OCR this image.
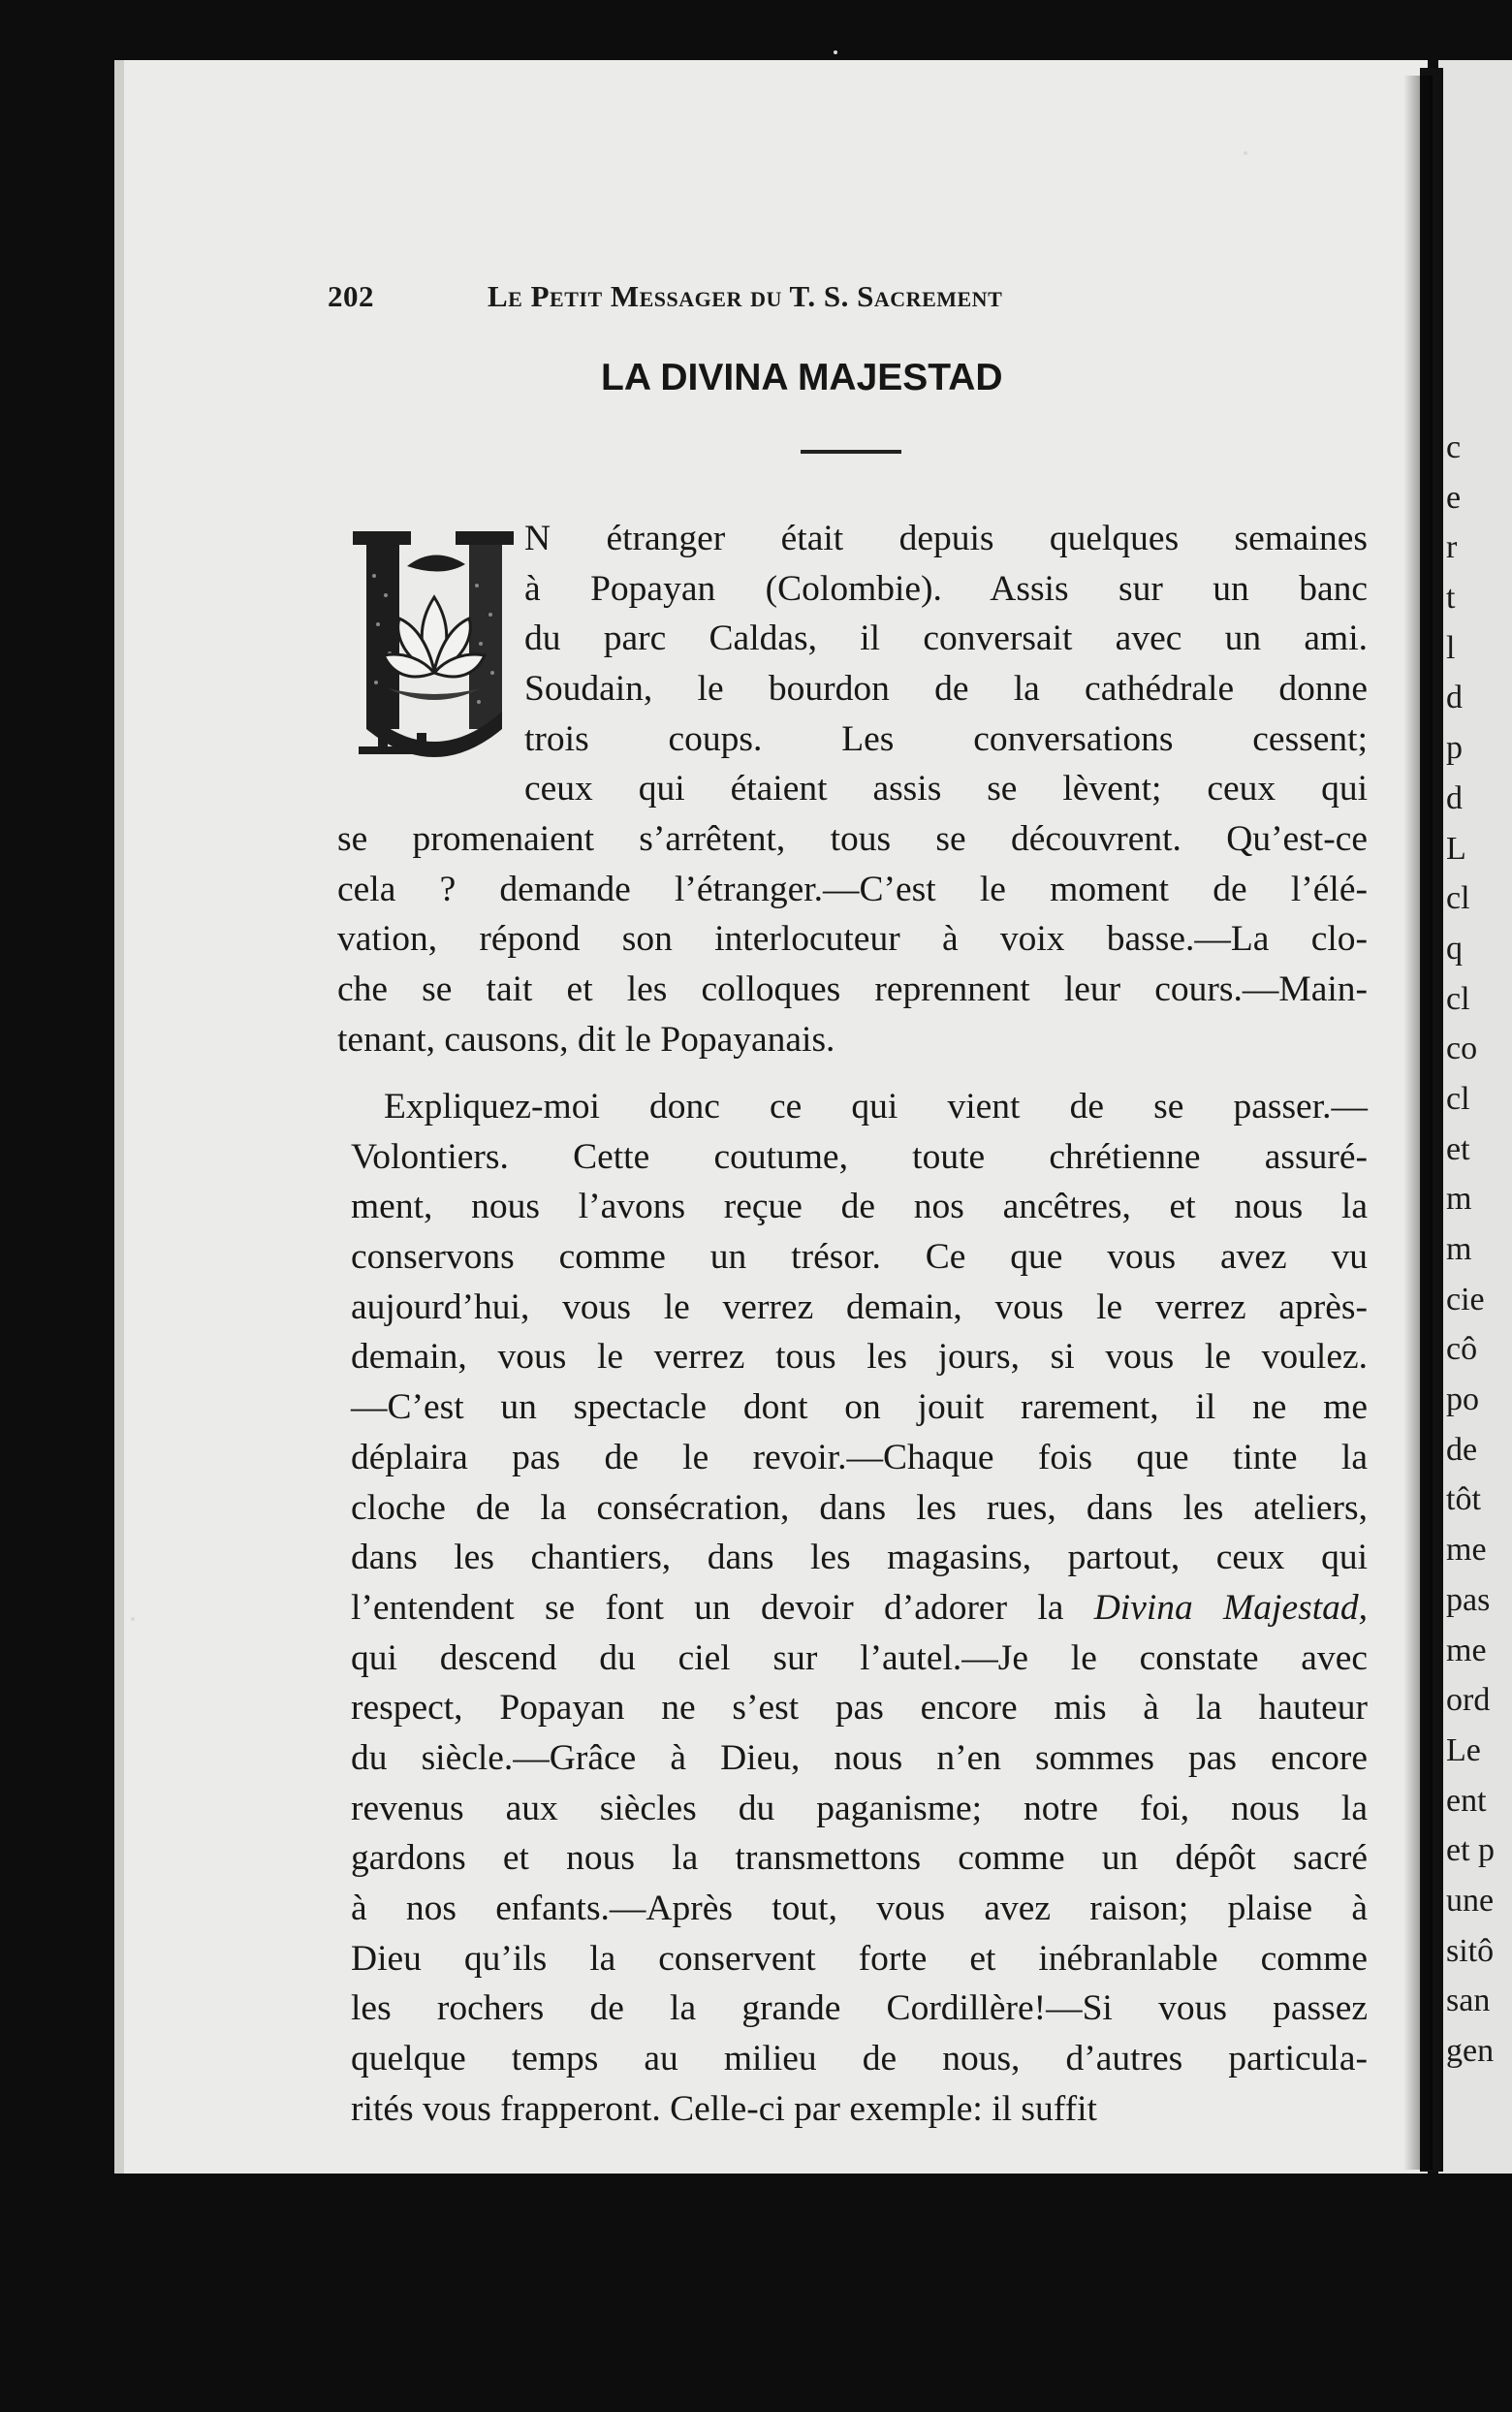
c
e
r
t
l
d
p
d
L
cl
q
cl
co
cl
et
m
m
cie
cô
po
de
tôt
me
pas
me
ord
Le
ent
et p
une
sitô
san
gen
202	Le Petit Messager du T. S. Sacrement
LA DIVINA MAJESTAD
N étranger était depuis quelques semaines
à Popayan (Colombie). Assis sur un banc
du parc Caldas, il conversait avec un ami.
Soudain, le bourdon de la cathédrale donne
trois coups. Les conversations cessent;
ceux qui étaient assis se lèvent; ceux qui
se promenaient s’arrêtent, tous se découvrent. Qu’est-ce
cela ? demande l’étranger.—C’est le moment de l’élé-
vation, répond son interlocuteur à voix basse.—La clo-
che se tait et les colloques reprennent leur cours.—Main-
tenant, causons, dit le Popayanais.
Expliquez-moi donc ce qui vient de se passer.—
Volontiers. Cette coutume, toute chrétienne assuré-
ment, nous l’avons reçue de nos ancêtres, et nous la
conservons comme un trésor. Ce que vous avez vu
aujourd’hui, vous le verrez demain, vous le verrez après-
demain, vous le verrez tous les jours, si vous le voulez.
—C’est un spectacle dont on jouit rarement, il ne me
déplaira pas de le revoir.—Chaque fois que tinte la
cloche de la consécration, dans les rues, dans les ateliers,
dans les chantiers, dans les magasins, partout, ceux qui
l’entendent se font un devoir d’adorer la Divina Majestad,
qui descend du ciel sur l’autel.—Je le constate avec
respect, Popayan ne s’est pas encore mis à la hauteur
du siècle.—Grâce à Dieu, nous n’en sommes pas encore
revenus aux siècles du paganisme; notre foi, nous la
gardons et nous la transmettons comme un dépôt sacré
à nos enfants.—Après tout, vous avez raison; plaise à
Dieu qu’ils la conservent forte et inébranlable comme
les rochers de la grande Cordillère!—Si vous passez
quelque temps au milieu de nous, d’autres particula-
rités vous frapperont. Celle-ci par exemple: il suffit
